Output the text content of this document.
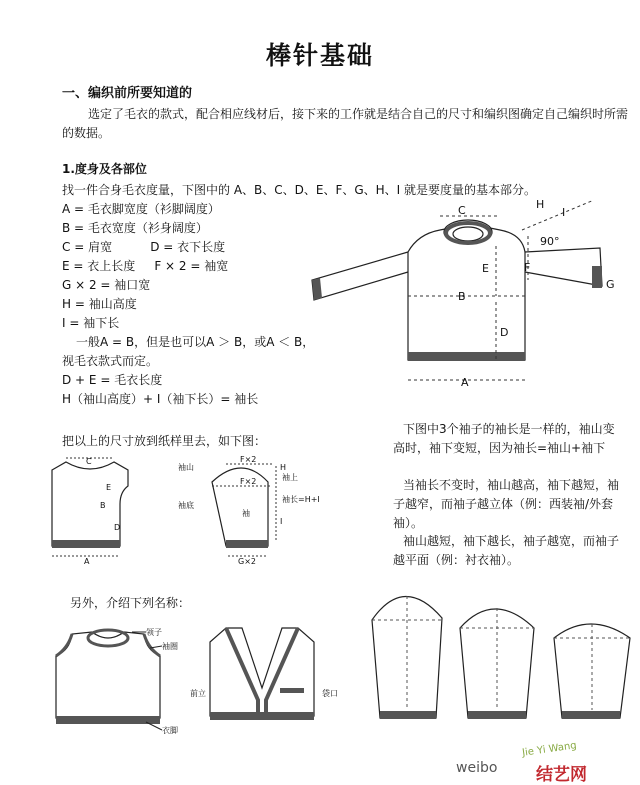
棒针基础
一、编织前所要知道的
选定了毛衣的款式，配合相应线材后，接下来的工作就是结合自己的尺寸和编织图确定自己编织时所需
的数据。
1.度身及各部位
找一件合身毛衣度量，下图中的 A、B、C、D、E、F、G、H、I 就是要度量的基本部分。
A = 毛衣脚宽度（衫脚阔度）
B = 毛衣宽度（衫身阔度）
C = 肩宽          D = 衣下长度
E = 衣上长度     F × 2 = 袖宽
G × 2 = 袖口宽
H = 袖山高度
I = 袖下长
一般A = B，但是也可以A ＞ B，或A ＜ B，
视毛衣款式而定。
D + E = 毛衣长度
H（袖山高度）+ I（袖下长）= 袖长
把以上的尺寸放到纸样里去，如下图：
下图中3个袖子的袖长是一样的，袖山变
高时，袖下变短，因为袖长=袖山+袖下
当袖长不变时，袖山越高，袖下越短，袖
子越窄，而袖子越立体（例：西装袖/外套
袖）。
袖山越短，袖下越长，袖子越宽，而袖子
越平面（例：衬衣袖）。
另外，介绍下列名称：
C
E
B
D
A
90°
F
G
H
I
C
E
B
D
A
袖山
袖底
F×2
F×2
袖
袖上
H
I
袖长=H+I
G×2
领子
袖圈
衣脚
前立	袋口
weibo
Jie Yi Wang
结艺网
